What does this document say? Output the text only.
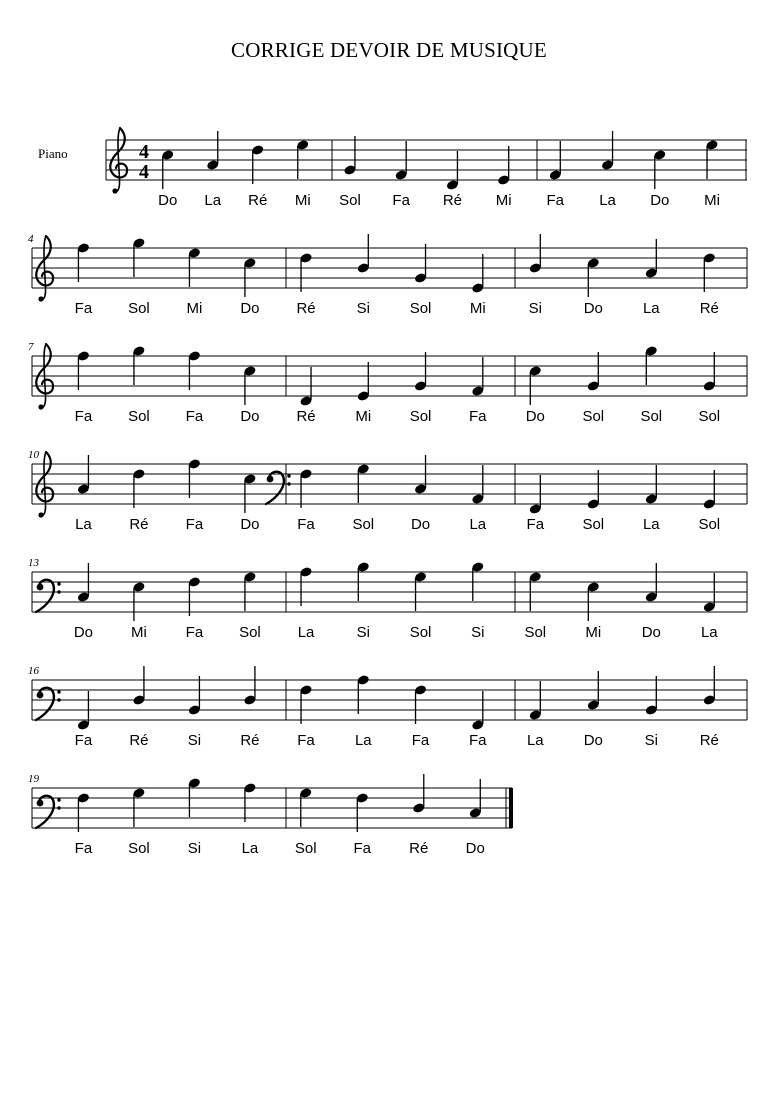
CORRIGE DEVOIR DE MUSIQUE
Piano	4
4
Do La Ré Mi Sol Fa Ré Mi Fa La Do Mi
4
Fa Sol Mi	Do Ré	Si	Sol	Mi	Si	Do	La	Ré
7
Fa Sol Fa Do Ré	Mi	Sol	Fa	Do	Sol Sol Sol
10
La	Ré Fa Do	Fa	Sol Do	La	Fa	Sol	La	Sol
13
Do	Mi	Fa Sol La	Si	Sol	Si	Sol	Mi	Do	La
16
Fa Ré	Si	Ré	Fa	La	Fa	Fa	La	Do	Si	Ré
19
Fa Sol	Si	La Sol Fa	Ré Do
